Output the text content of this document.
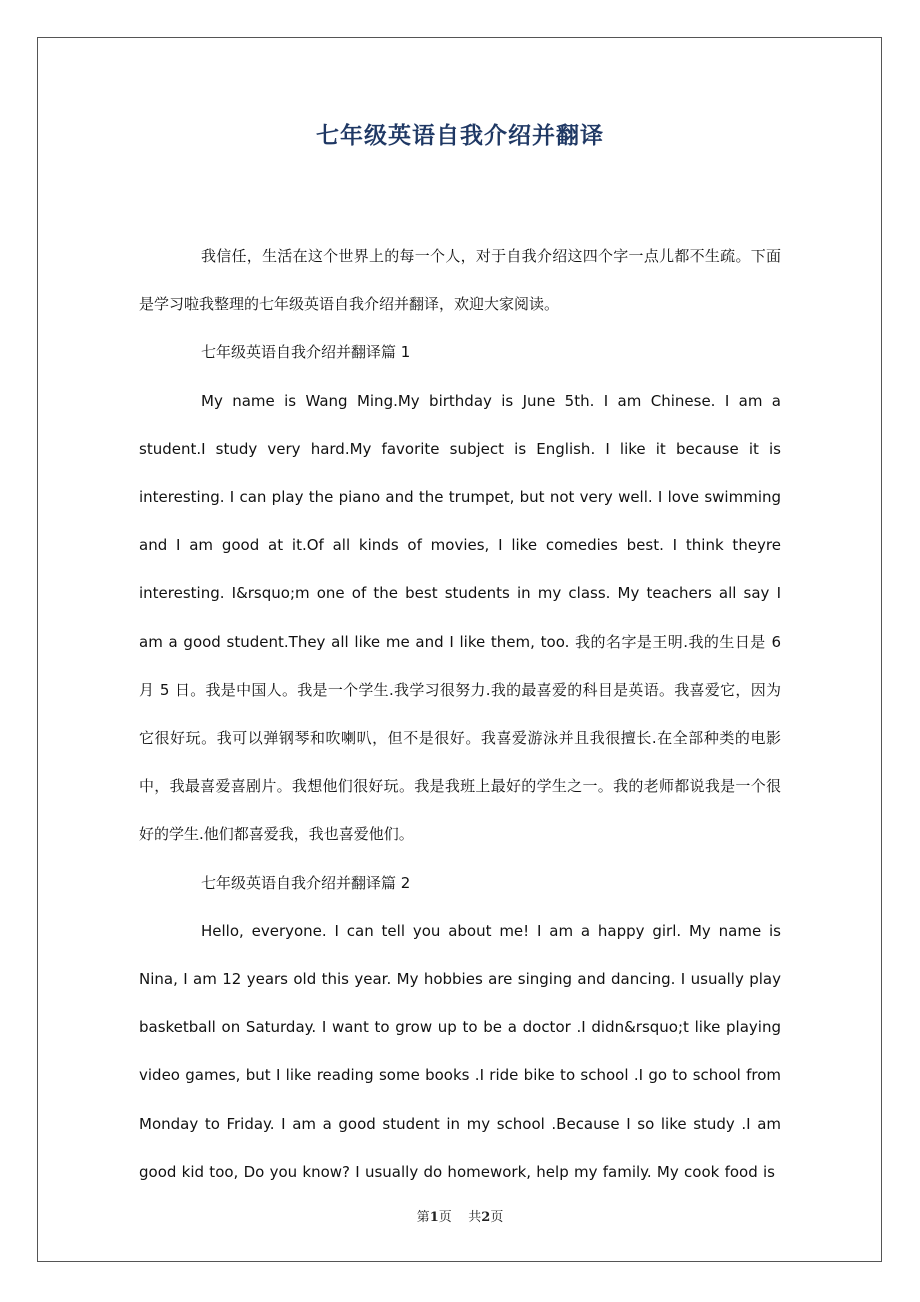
七年级英语自我介绍并翻译

我信任，生活在这个世界上的每一个人，对于自我介绍这四个字一点儿都不生疏。下面是学习啦我整理的七年级英语自我介绍并翻译，欢迎大家阅读。

七年级英语自我介绍并翻译篇 1

My name is Wang Ming.My birthday is June 5th. I am Chinese. I am a student.I study very hard.My favorite subject is English. I like it because it is interesting. I can play the piano and the trumpet, but not very well. I love swimming and I am good at it.Of all kinds of movies, I like comedies best. I think theyre interesting. I&rsquo;m one of the best students in my class. My teachers all say I am a good student.They all like me and I like them, too. 我的名字是王明.我的生日是 6 月 5 日。我是中国人。我是一个学生.我学习很努力.我的最喜爱的科目是英语。我喜爱它，因为它很好玩。我可以弹钢琴和吹喇叭，但不是很好。我喜爱游泳并且我很擅长.在全部种类的电影中，我最喜爱喜剧片。我想他们很好玩。我是我班上最好的学生之一。我的老师都说我是一个很好的学生.他们都喜爱我，我也喜爱他们。

七年级英语自我介绍并翻译篇 2

Hello, everyone. I can tell you about me! I am a happy girl. My name is Nina, I am 12 years old this year. My hobbies are singing and dancing. I usually play basketball on Saturday. I want to grow up to be a doctor .I didn&rsquo;t like playing video games, but I like reading some books .I ride bike to school .I go to school from Monday to Friday. I am a good student in my school .Because I so like study .I am good kid too, Do you know? I usually do homework, help my family. My cook food is

第1页    共2页
